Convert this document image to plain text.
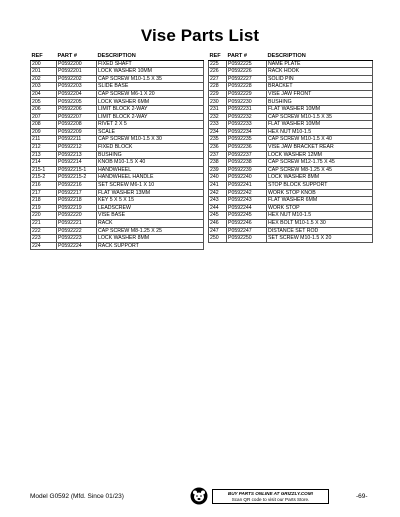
Vise Parts List
REF	PART #	DESCRIPTION
200	P0592200	FIXED SHAFT
201	P0592201	LOCK WASHER 10MM
202	P0592202	CAP SCREW M10-1.5 X 35
203	P0592203	SLIDE BASE
204	P0592204	CAP SCREW M6-1 X 20
205	P0592205	LOCK WASHER 6MM
206	P0592206	LIMIT BLOCK 2-WAY
207	P0592207	LIMIT BLOCK 2-WAY
208	P0592208	RIVET 2 X 5
209	P0592209	SCALE
211	P0592211	CAP SCREW M10-1.5 X 30
212	P0592212	FIXED BLOCK
213	P0592213	BUSHING
214	P0592214	KNOB M10-1.5 X 40
215-1	P0592215-1	HANDWHEEL
215-2	P0592215-2	HANDWHEEL HANDLE
216	P0592216	SET SCREW M6-1 X 10
217	P0592217	FLAT WASHER 13MM
218	P0592218	KEY 5 X 5 X 15
219	P0592219	LEADSCREW
220	P0592220	VISE BASE
221	P0592221	RACK
222	P0592222	CAP SCREW M8-1.25 X 25
223	P0592223	LOCK WASHER 8MM
224	P0592224	RACK SUPPORT
REF	PART #	DESCRIPTION
225	P0592225	NAME PLATE
226	P0592226	RACK HOOK
227	P0592227	SOLID PIN
228	P0592228	BRACKET
229	P0592229	VISE JAW FRONT
230	P0592230	BUSHING
231	P0592231	FLAT WASHER 10MM
232	P0592232	CAP SCREW M10-1.5 X 35
233	P0592233	FLAT WASHER 10MM
234	P0592234	HEX NUT M10-1.5
235	P0592235	CAP SCREW M10-1.5 X 40
236	P0592236	VISE JAW BRACKET REAR
237	P0592237	LOCK WASHER 12MM
238	P0592238	CAP SCREW M12-1.75 X 45
239	P0592239	CAP SCREW M8-1.25 X 45
240	P0592240	LOCK WASHER 8MM
241	P0592241	STOP BLOCK SUPPORT
242	P0592242	WORK STOP KNOB
243	P0592243	FLAT WASHER 6MM
244	P0592244	WORK STOP
245	P0592245	HEX NUT M10-1.5
246	P0592246	HEX BOLT M10-1.5 X 30
247	P0592247	DISTANCE SET ROD
250	P0592250	SET SCREW M10-1.5 X 20
Model G0592 (Mfd. Since 01/23)	BUY PARTS ONLINE AT GRIZZLY.COM!
Scan QR code to visit our Parts Store.	-69-
